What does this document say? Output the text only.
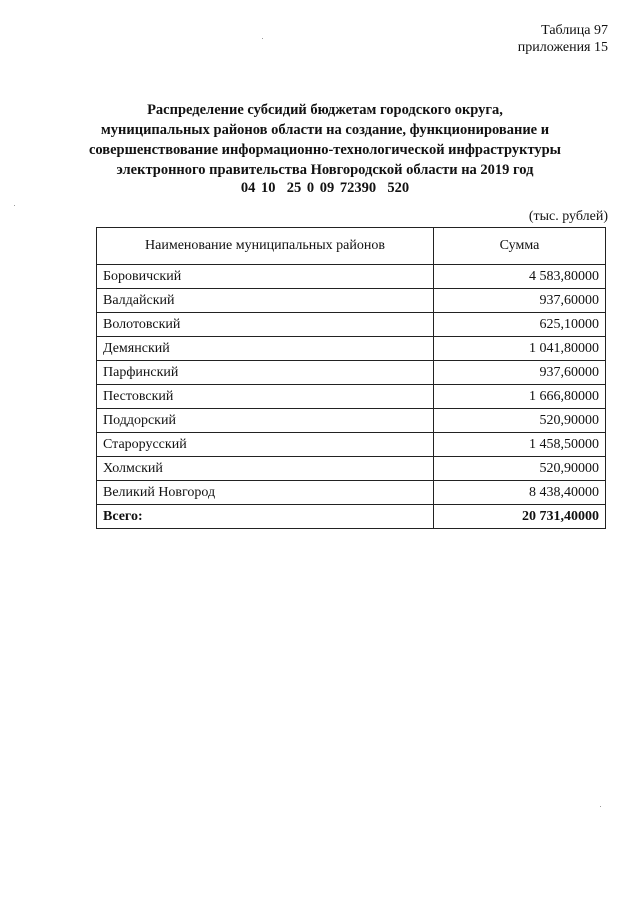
Таблица 97
приложения 15
Распределение субсидий бюджетам городского округа,
муниципальных районов области на создание, функционирование и
совершенствование информационно-технологической инфраструктуры
электронного правительства Новгородской области на 2019 год
04 10  25 0 09 72390  520
(тыс. рублей)
Наименование муниципальных районов	Сумма
Боровичский	4 583,80000
Валдайский	937,60000
Волотовский	625,10000
Демянский	1 041,80000
Парфинский	937,60000
Пестовский	1 666,80000
Поддорский	520,90000
Старорусский	1 458,50000
Холмский	520,90000
Великий Новгород	8 438,40000
Всего:	20 731,40000
